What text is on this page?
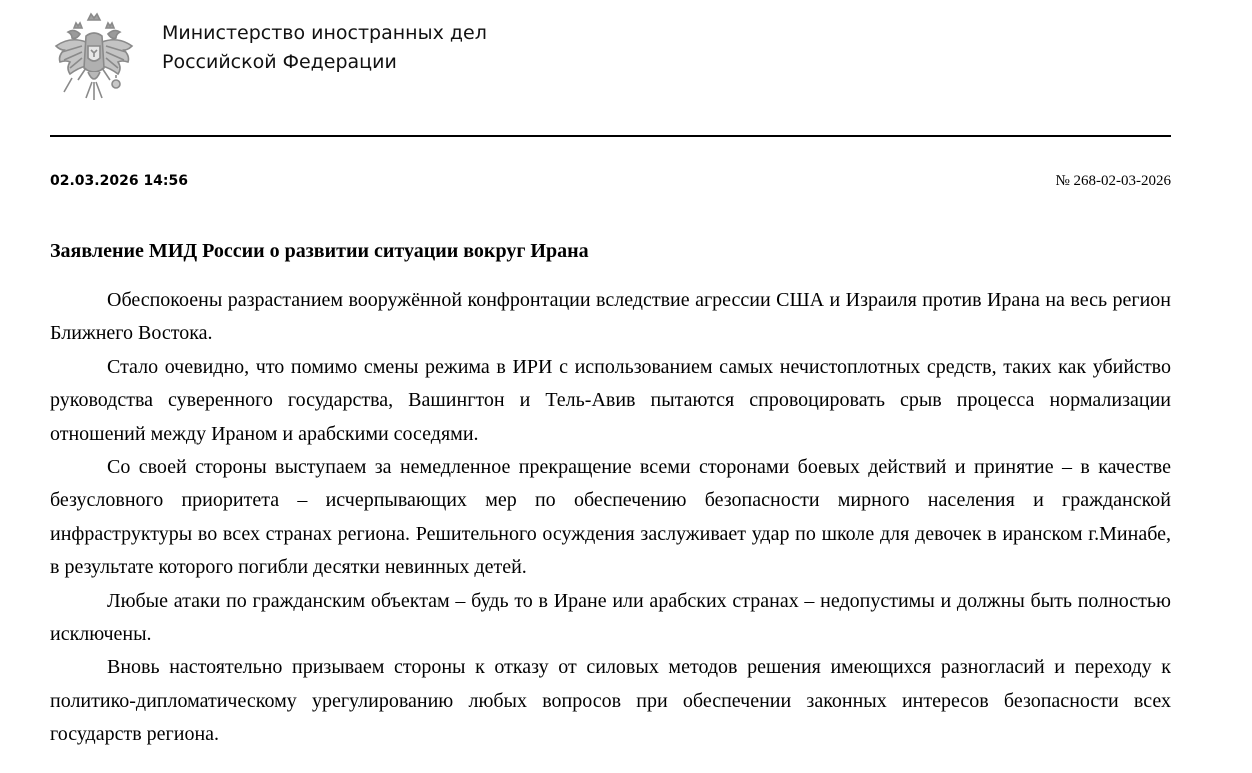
Министерство иностранных дел
Российской Федерации
02.03.2026 14:56	№ 268-02-03-2026
Заявление МИД России о развитии ситуации вокруг Ирана

Обеспокоены разрастанием вооружённой конфронтации вследствие агрессии США и Израиля против Ирана на весь регион Ближнего Востока.

Стало очевидно, что помимо смены режима в ИРИ с использованием самых нечистоплотных средств, таких как убийство руководства суверенного государства, Вашингтон и Тель-Авив пытаются спровоцировать срыв процесса нормализации отношений между Ираном и арабскими соседями.

Со своей стороны выступаем за немедленное прекращение всеми сторонами боевых действий и принятие – в качестве безусловного приоритета – исчерпывающих мер по обеспечению безопасности мирного населения и гражданской инфраструктуры во всех странах региона. Решительного осуждения заслуживает удар по школе для девочек в иранском г.Минабе, в результате которого погибли десятки невинных детей.

Любые атаки по гражданским объектам – будь то в Иране или арабских странах – недопустимы и должны быть полностью исключены.

Вновь настоятельно призываем стороны к отказу от силовых методов решения имеющихся разногласий и переходу к политико-дипломатическому урегулированию любых вопросов при обеспечении законных интересов безопасности всех государств региона.
